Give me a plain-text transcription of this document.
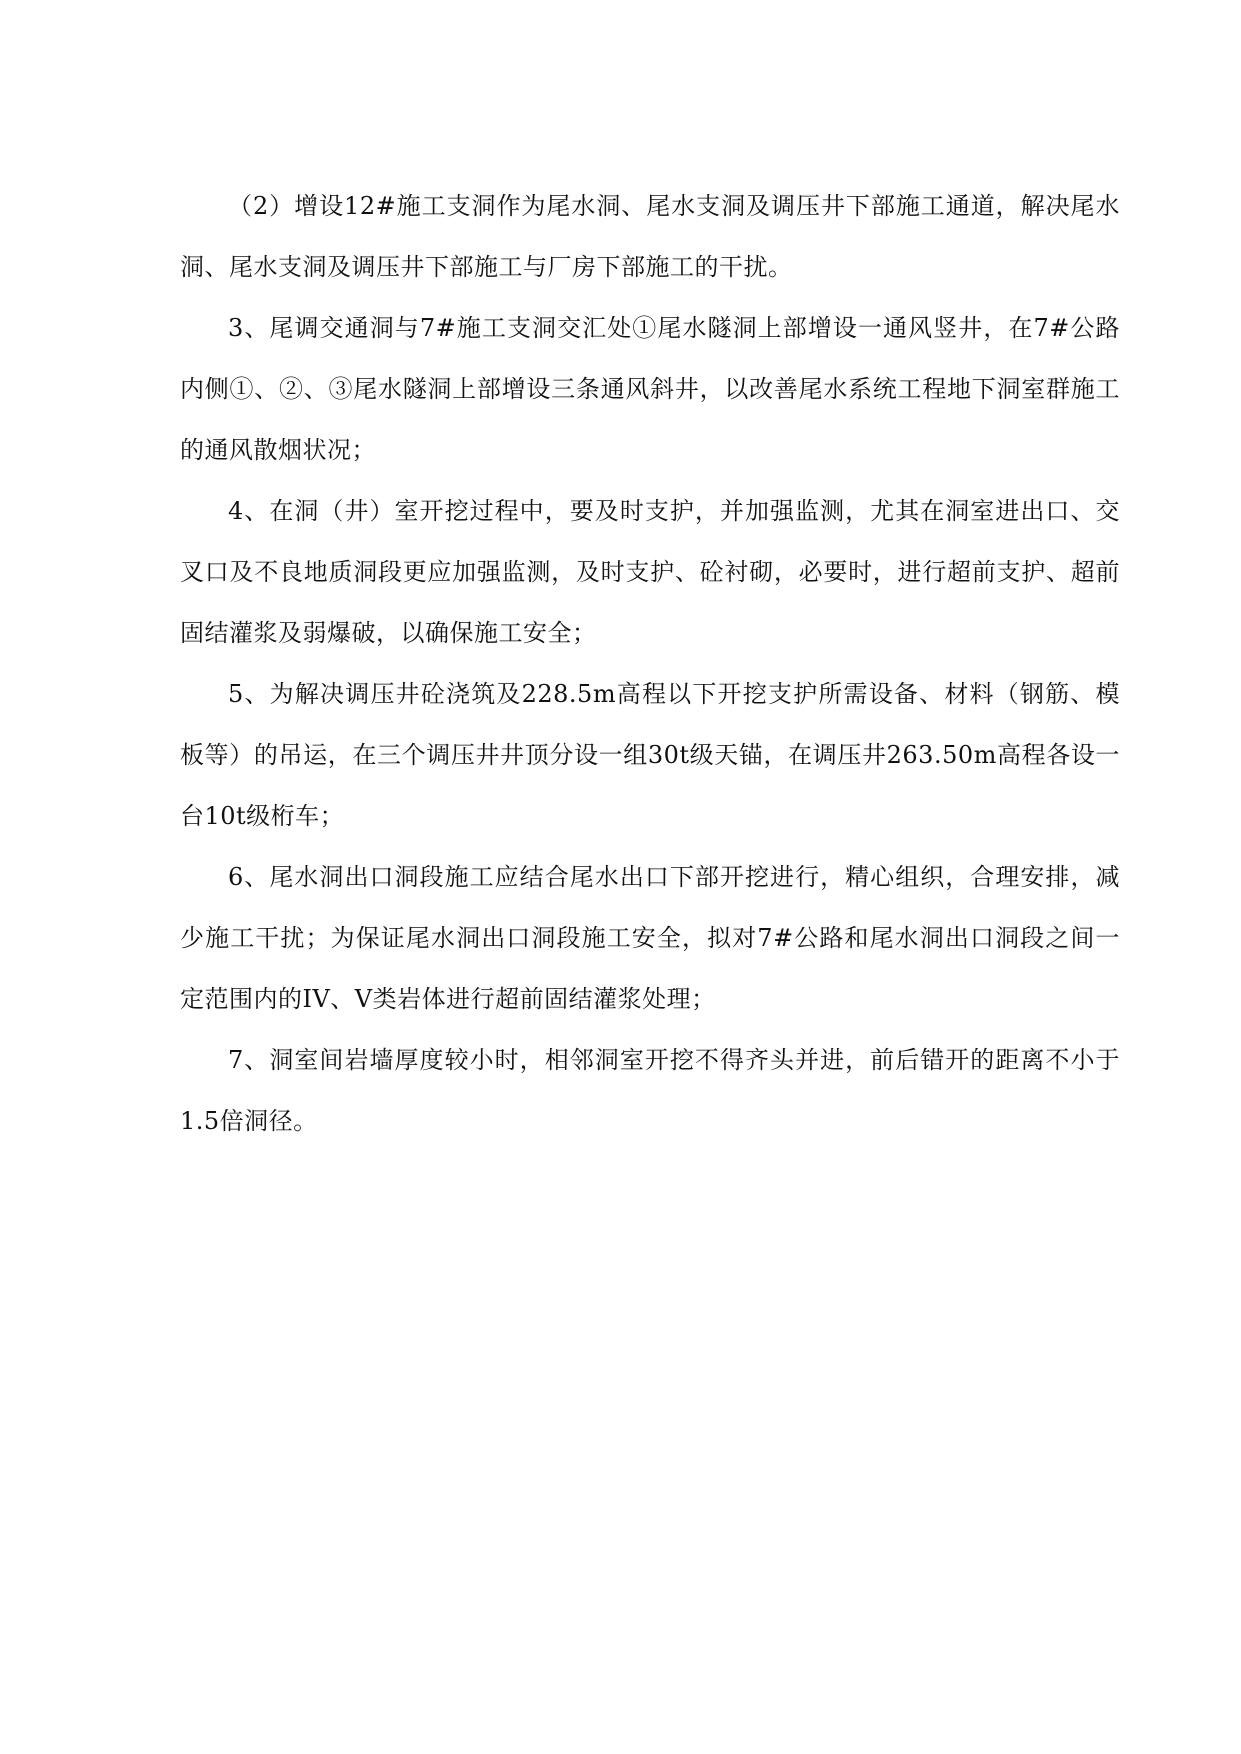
（2）增设12#施工支洞作为尾水洞、尾水支洞及调压井下部施工通道，解决尾水洞、尾水支洞及调压井下部施工与厂房下部施工的干扰。

3、尾调交通洞与7#施工支洞交汇处①尾水隧洞上部增设一通风竖井，在7#公路内侧①、②、③尾水隧洞上部增设三条通风斜井，以改善尾水系统工程地下洞室群施工的通风散烟状况；

4、在洞（井）室开挖过程中，要及时支护，并加强监测，尤其在洞室进出口、交叉口及不良地质洞段更应加强监测，及时支护、砼衬砌，必要时，进行超前支护、超前固结灌浆及弱爆破，以确保施工安全；

5、为解决调压井砼浇筑及228.5m高程以下开挖支护所需设备、材料（钢筋、模板等）的吊运，在三个调压井井顶分设一组30t级天锚，在调压井263.50m高程各设一台10t级桁车；

6、尾水洞出口洞段施工应结合尾水出口下部开挖进行，精心组织，合理安排，减少施工干扰；为保证尾水洞出口洞段施工安全，拟对7#公路和尾水洞出口洞段之间一定范围内的IV、V类岩体进行超前固结灌浆处理；

7、洞室间岩墙厚度较小时，相邻洞室开挖不得齐头并进，前后错开的距离不小于1.5倍洞径。
